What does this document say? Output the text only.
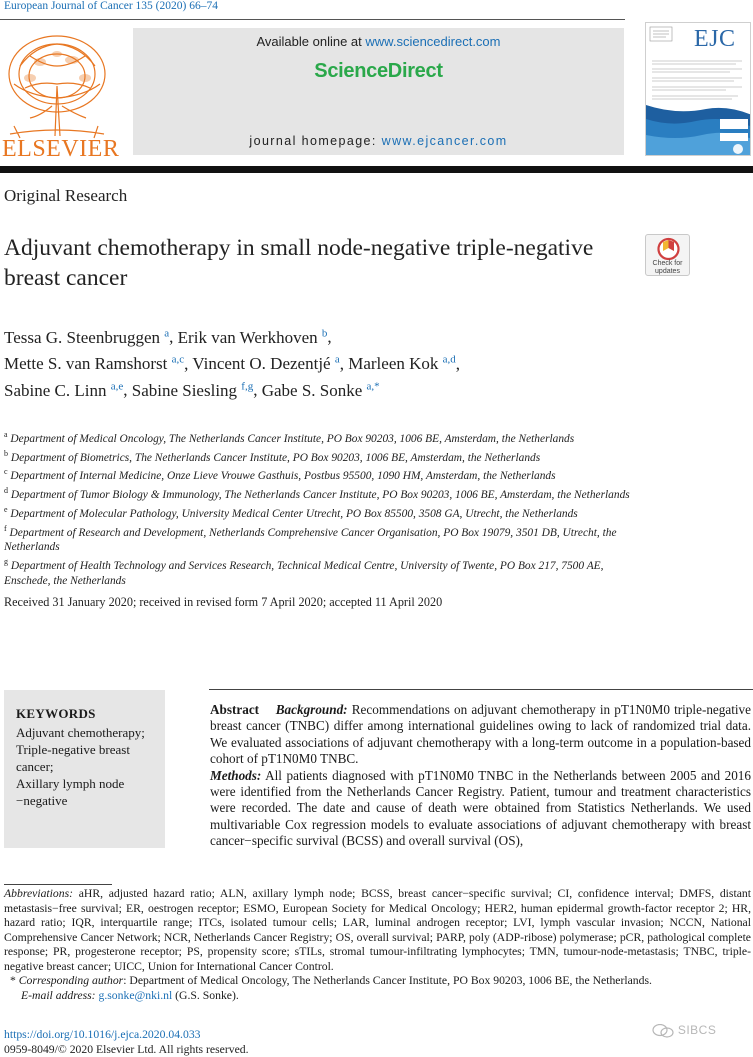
European Journal of Cancer 135 (2020) 66–74
ELSEVIER
Available online at www.sciencedirect.com
ScienceDirect
journal homepage: www.ejcancer.com
EJC
Original Research
Adjuvant chemotherapy in small node-negative triple-negative breast cancer
Check for
updates
Tessa G. Steenbruggen $^a$, Erik van Werkhoven $^b$,
Mette S. van Ramshorst $^{a,c}$, Vincent O. Dezentjé $^a$, Marleen Kok $^{a,d}$,
Sabine C. Linn $^{a,e}$, Sabine Siesling $^{f,g}$, Gabe S. Sonke $^{a,*}$
$^a$ Department of Medical Oncology, The Netherlands Cancer Institute, PO Box 90203, 1006 BE, Amsterdam, the Netherlands
$^b$ Department of Biometrics, The Netherlands Cancer Institute, PO Box 90203, 1006 BE, Amsterdam, the Netherlands
$^c$ Department of Internal Medicine, Onze Lieve Vrouwe Gasthuis, Postbus 95500, 1090 HM, Amsterdam, the Netherlands
$^d$ Department of Tumor Biology & Immunology, The Netherlands Cancer Institute, PO Box 90203, 1006 BE, Amsterdam, the Netherlands
$^e$ Department of Molecular Pathology, University Medical Center Utrecht, PO Box 85500, 3508 GA, Utrecht, the Netherlands
$^f$ Department of Research and Development, Netherlands Comprehensive Cancer Organisation, PO Box 19079, 3501 DB, Utrecht, the Netherlands
$^g$ Department of Health Technology and Services Research, Technical Medical Centre, University of Twente, PO Box 217, 7500 AE, Enschede, the Netherlands
Received 31 January 2020; received in revised form 7 April 2020; accepted 11 April 2020
KEYWORDS
Adjuvant chemotherapy;
Triple-negative breast cancer;
Axillary lymph node −negative

Abstract Background: Recommendations on adjuvant chemotherapy in pT1N0M0 triple-negative breast cancer (TNBC) differ among international guidelines owing to lack of randomized trial data. We evaluated associations of adjuvant chemotherapy with a long-term outcome in a population-based cohort of pT1N0M0 TNBC.

Methods: All patients diagnosed with pT1N0M0 TNBC in the Netherlands between 2005 and 2016 were identified from the Netherlands Cancer Registry. Patient, tumour and treatment characteristics were recorded. The date and cause of death were obtained from Statistics Netherlands. We used multivariable Cox regression models to evaluate associations of adjuvant chemotherapy with breast cancer−specific survival (BCSS) and overall survival (OS),

Abbreviations: aHR, adjusted hazard ratio; ALN, axillary lymph node; BCSS, breast cancer−specific survival; CI, confidence interval; DMFS, distant metastasis−free survival; ER, oestrogen receptor; ESMO, European Society for Medical Oncology; HER2, human epidermal growth-factor receptor 2; HR, hazard ratio; IQR, interquartile range; ITCs, isolated tumour cells; LAR, luminal androgen receptor; LVI, lymph vascular invasion; NCCN, National Comprehensive Cancer Network; NCR, Netherlands Cancer Registry; OS, overall survival; PARP, poly (ADP-ribose) polymerase; pCR, pathological complete response; PR, progesterone receptor; PS, propensity score; sTILs, stromal tumour-infiltrating lymphocytes; TMN, tumour-node-metastasis; TNBC, triple-negative breast cancer; UICC, Union for International Cancer Control.

* Corresponding author: Department of Medical Oncology, The Netherlands Cancer Institute, PO Box 90203, 1006 BE, the Netherlands.

E-mail address: g.sonke@nki.nl (G.S. Sonke).

https://doi.org/10.1016/j.ejca.2020.04.033
0959-8049/© 2020 Elsevier Ltd. All rights reserved.
SIBCS
